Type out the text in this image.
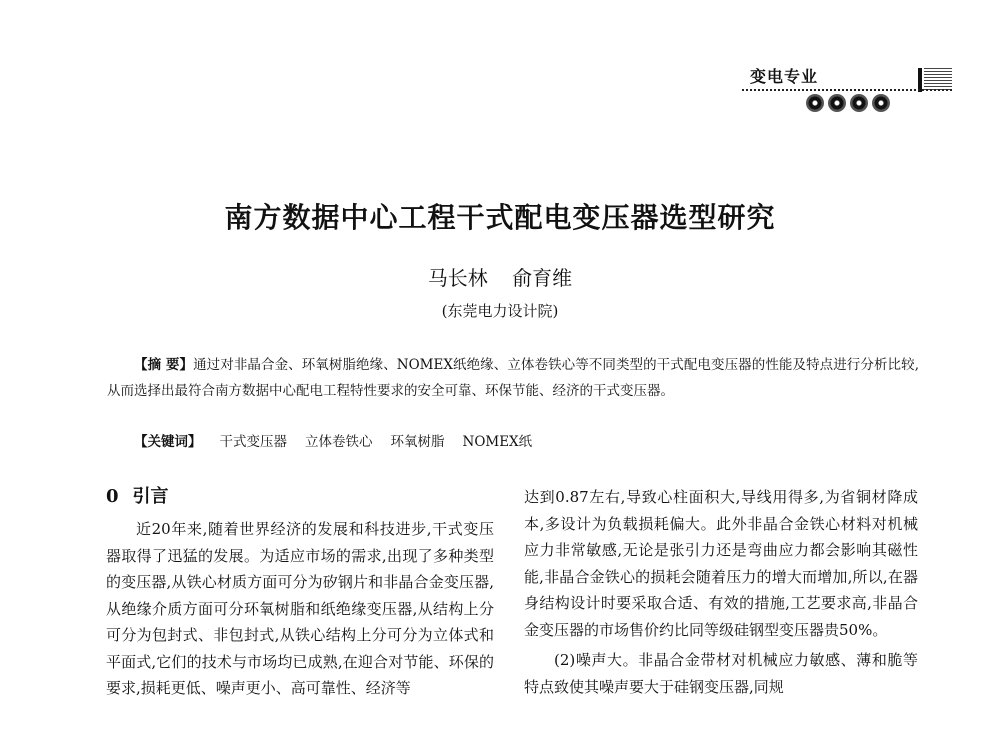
变电专业
南方数据中心工程干式配电变压器选型研究
马长林 俞育维
(东莞电力设计院)

【摘 要】通过对非晶合金、环氧树脂绝缘、NOMEX纸绝缘、立体卷铁心等不同类型的干式配电变压器的性能及特点进行分析比较,从而选择出最符合南方数据中心配电工程特性要求的安全可靠、环保节能、经济的干式变压器。

【关键词】 干式变压器 立体卷铁心 环氧树脂 NOMEX纸

0 引言

近20年来,随着世界经济的发展和科技进步,干式变压器取得了迅猛的发展。为适应市场的需求,出现了多种类型的变压器,从铁心材质方面可分为矽钢片和非晶合金变压器,从绝缘介质方面可分环氧树脂和纸绝缘变压器,从结构上分可分为包封式、非包封式,从铁心结构上分可分为立体式和平面式,它们的技术与市场均已成熟,在迎合对节能、环保的要求,损耗更低、噪声更小、高可靠性、经济等

达到0.87左右,导致心柱面积大,导线用得多,为省铜材降成本,多设计为负载损耗偏大。此外非晶合金铁心材料对机械应力非常敏感,无论是张引力还是弯曲应力都会影响其磁性能,非晶合金铁心的损耗会随着压力的增大而增加,所以,在器身结构设计时要采取合适、有效的措施,工艺要求高,非晶合金变压器的市场售价约比同等级硅钢型变压器贵50%。

(2)噪声大。非晶合金带材对机械应力敏感、薄和脆等特点致使其噪声要大于硅钢变压器,同规
